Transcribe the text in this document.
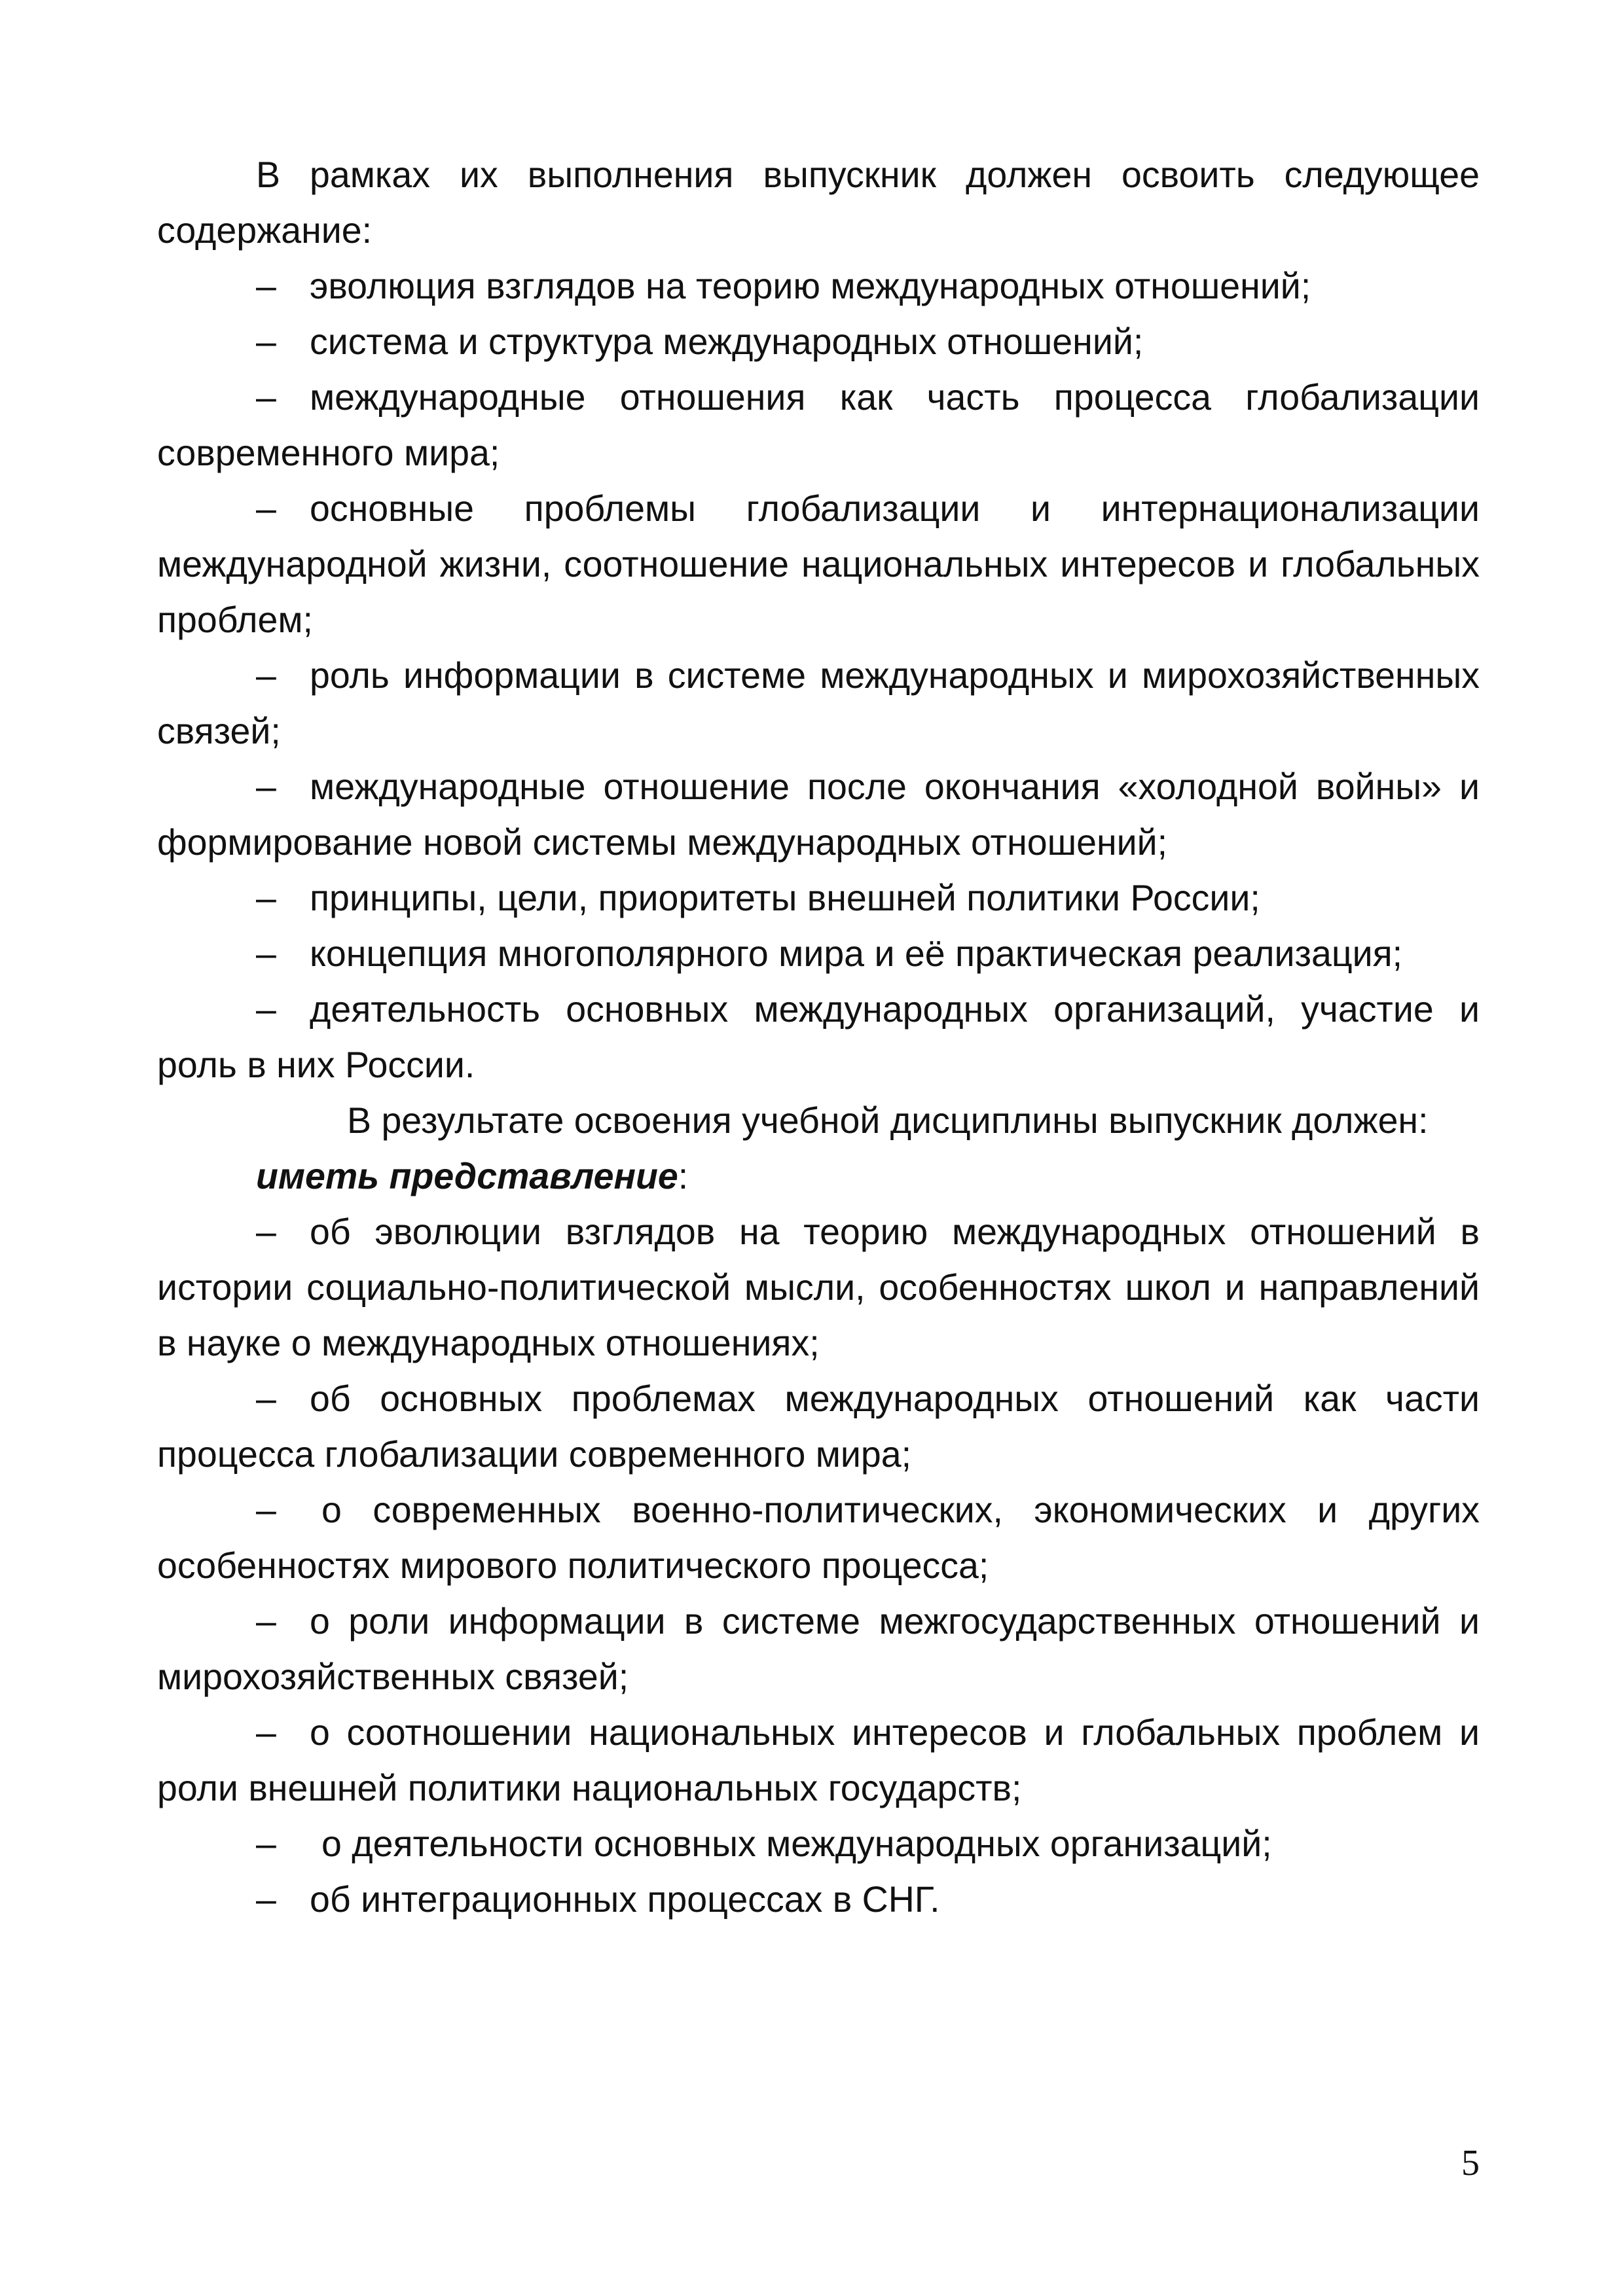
В рамках их выполнения выпускник должен освоить следующее содержание:

– эволюция взглядов на теорию международных отношений;
– система и структура международных отношений;
– международные отношения как часть процесса глобализации современного мира;
– основные проблемы глобализации и интернационализации международной жизни, соотношение национальных интересов и глобальных проблем;
– роль информации в системе международных и мирохозяйственных связей;
– международные отношение после окончания «холодной войны» и формирование новой системы международных отношений;
– принципы, цели, приоритеты внешней политики России;
– концепция многополярного мира и её практическая реализация;
– деятельность основных международных организаций, участие и роль в них России.

В результате освоения учебной дисциплины выпускник должен:

иметь представление:

– об эволюции взглядов на теорию международных отношений в истории социально-политической мысли, особенностях школ и направлений в науке о международных отношениях;
– об основных проблемах международных отношений как части процесса глобализации современного мира;
– о современных военно-политических, экономических и других особенностях мирового политического процесса;
– о роли информации в системе межгосударственных отношений и мирохозяйственных связей;
– о соотношении национальных интересов и глобальных проблем и роли внешней политики национальных государств;
– о деятельности основных международных организаций;
– об интеграционных процессах в СНГ.
5
